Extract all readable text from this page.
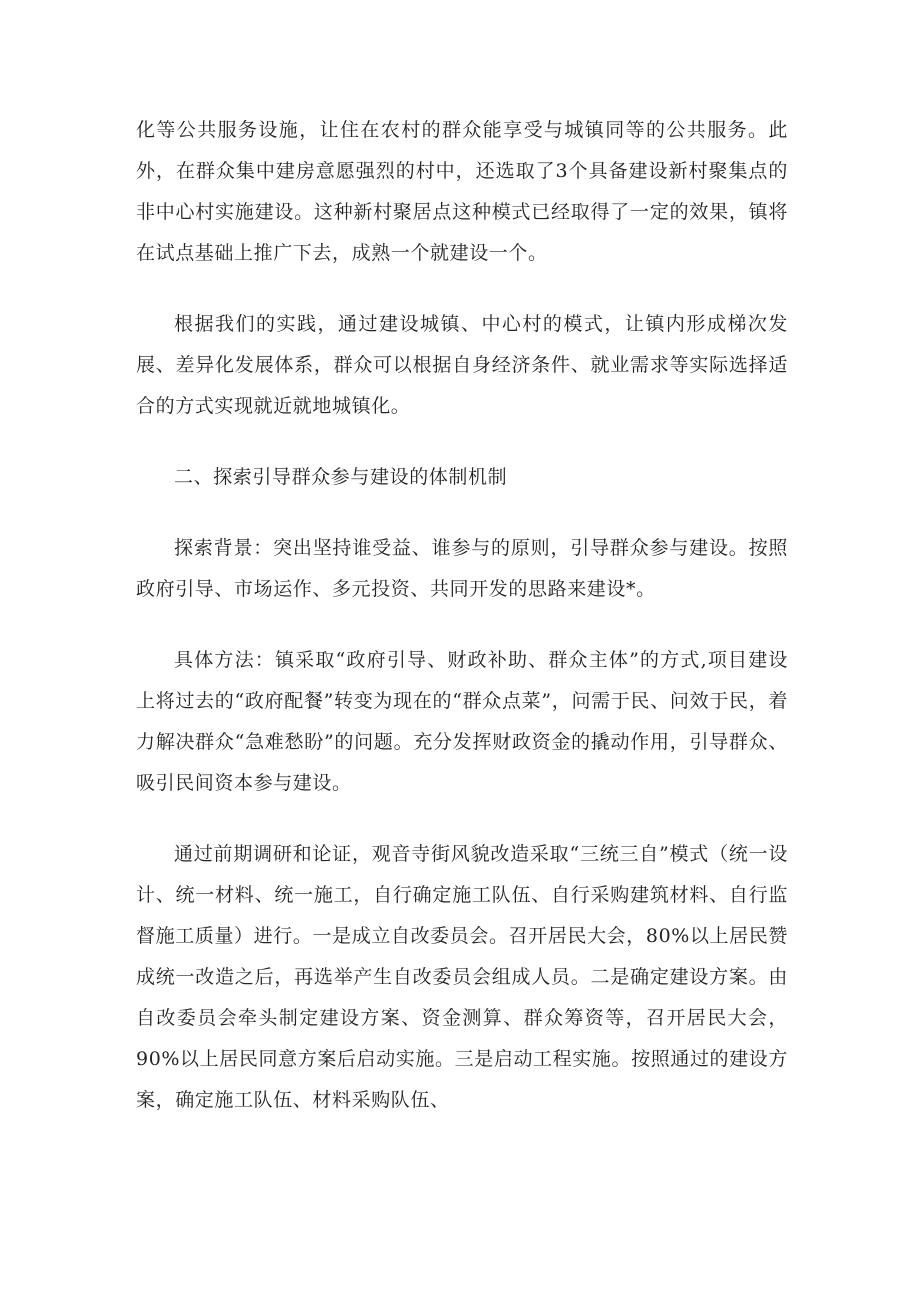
化等公共服务设施，让住在农村的群众能享受与城镇同等的公共服务。此外，在群众集中建房意愿强烈的村中，还选取了3个具备建设新村聚集点的非中心村实施建设。这种新村聚居点这种模式已经取得了一定的效果，镇将在试点基础上推广下去，成熟一个就建设一个。

根据我们的实践，通过建设城镇、中心村的模式，让镇内形成梯次发展、差异化发展体系，群众可以根据自身经济条件、就业需求等实际选择适合的方式实现就近就地城镇化。

二、探索引导群众参与建设的体制机制

探索背景：突出坚持谁受益、谁参与的原则，引导群众参与建设。按照政府引导、市场运作、多元投资、共同开发的思路来建设*。

具体方法：镇采取“政府引导、财政补助、群众主体”的方式,项目建设上将过去的“政府配餐”转变为现在的“群众点菜”，问需于民、问效于民，着力解决群众“急难愁盼”的问题。充分发挥财政资金的撬动作用，引导群众、吸引民间资本参与建设。

通过前期调研和论证，观音寺街风貌改造采取“三统三自”模式（统一设计、统一材料、统一施工，自行确定施工队伍、自行采购建筑材料、自行监督施工质量）进行。一是成立自改委员会。召开居民大会，80%以上居民赞成统一改造之后，再选举产生自改委员会组成人员。二是确定建设方案。由自改委员会牵头制定建设方案、资金测算、群众筹资等，召开居民大会，90%以上居民同意方案后启动实施。三是启动工程实施。按照通过的建设方案，确定施工队伍、材料采购队伍、
